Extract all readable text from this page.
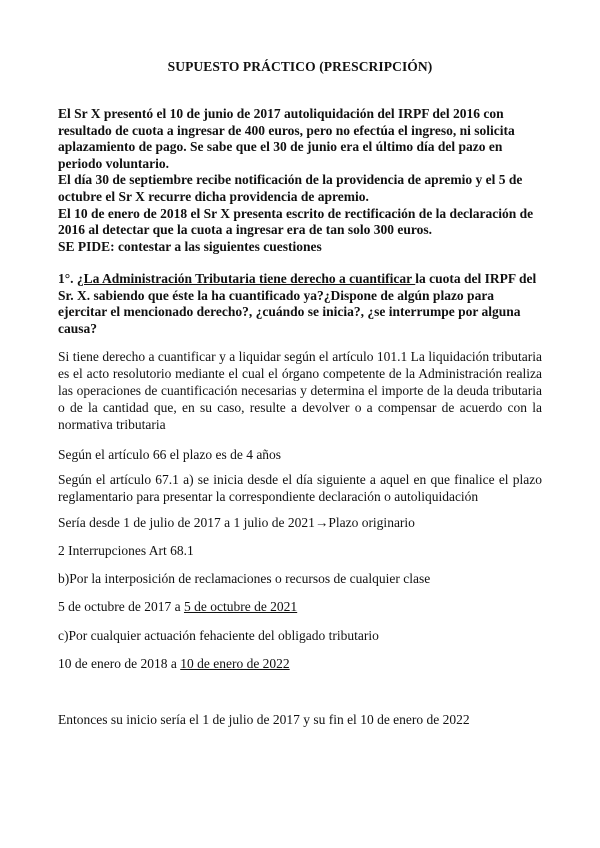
SUPUESTO PRÁCTICO (PRESCRIPCIÓN)

El Sr X presentó el 10 de junio de 2017 autoliquidación del IRPF del 2016 con resultado de cuota a ingresar de 400 euros, pero no efectúa el ingreso, ni solicita aplazamiento de pago. Se sabe que el 30 de junio era el último día del pazo en periodo voluntario.

El día 30 de septiembre recibe notificación de la providencia de apremio y el 5 de octubre el Sr X recurre dicha providencia de apremio.

El 10 de enero de 2018 el Sr X presenta escrito de rectificación de la declaración de 2016 al detectar que la cuota a ingresar era de tan solo 300 euros.

SE PIDE: contestar a las siguientes cuestiones

1°. ¿La Administración Tributaria tiene derecho a cuantificar la cuota del IRPF del Sr. X. sabiendo que éste la ha cuantificado ya?¿Dispone de algún plazo para ejercitar el mencionado derecho?, ¿cuándo se inicia?, ¿se interrumpe por alguna causa?
Si tiene derecho a cuantificar y a liquidar según el artículo 101.1 La liquidación tributaria es el acto resolutorio mediante el cual el órgano competente de la Administración realiza las operaciones de cuantificación necesarias y determina el importe de la deuda tributaria o de la cantidad que, en su caso, resulte a devolver o a compensar de acuerdo con la normativa tributaria
Según el artículo 66 el plazo es de 4 años
Según el artículo 67.1 a) se inicia desde el día siguiente a aquel en que finalice el plazo reglamentario para presentar la correspondiente declaración o autoliquidación
Sería desde 1 de julio de 2017 a 1 julio de 2021→Plazo originario
2 Interrupciones Art 68.1
b)Por la interposición de reclamaciones o recursos de cualquier clase
5 de octubre de 2017 a 5 de octubre de 2021
c)Por cualquier actuación fehaciente del obligado tributario
10 de enero de 2018 a 10 de enero de 2022
Entonces su inicio sería el 1 de julio de 2017 y su fin el 10 de enero de 2022
